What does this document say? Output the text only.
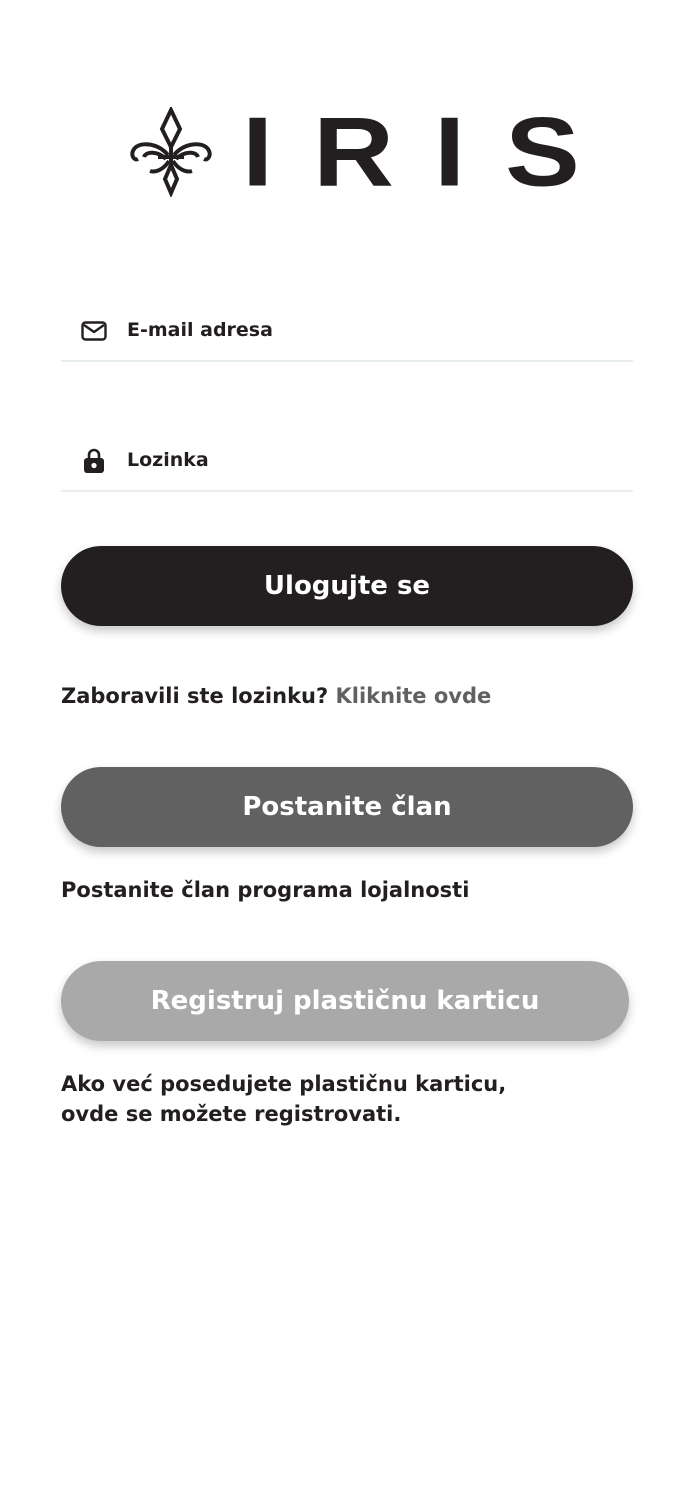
IRIS
E-mail adresa
Ulogujte se
Zaboravili ste lozinku? Kliknite ovde
Postanite član
Postanite član programa lojalnosti
Registruj plastičnu karticu
Ako već posedujete plastičnu karticu,
ovde se možete registrovati.
